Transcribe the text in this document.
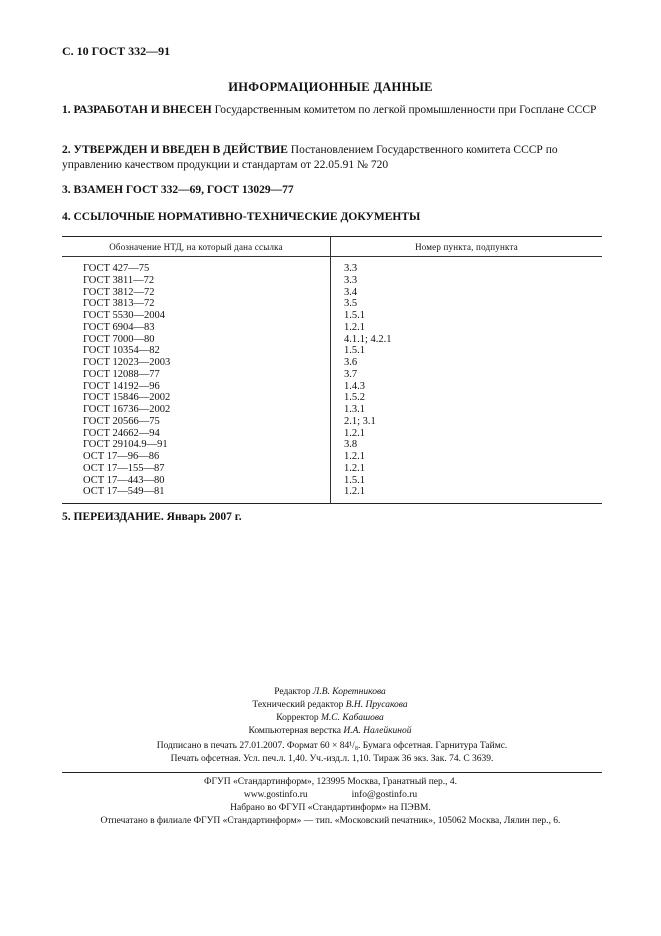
С. 10 ГОСТ 332—91
ИНФОРМАЦИОННЫЕ ДАННЫЕ
1. РАЗРАБОТАН И ВНЕСЕН Государственным комитетом по легкой промышленности при Госплане СССР
2. УТВЕРЖДЕН И ВВЕДЕН В ДЕЙСТВИЕ Постановлением Государственного комитета СССР по управлению качеством продукции и стандартам от 22.05.91 № 720
3. ВЗАМЕН ГОСТ 332—69, ГОСТ 13029—77
4. ССЫЛОЧНЫЕ НОРМАТИВНО-ТЕХНИЧЕСКИЕ ДОКУМЕНТЫ
Обозначение НТД, на который дана ссылка	Номер пункта, подпункта
ГОСТ 427—75	3.3
ГОСТ 3811—72	3.3
ГОСТ 3812—72	3.4
ГОСТ 3813—72	3.5
ГОСТ 5530—2004	1.5.1
ГОСТ 6904—83	1.2.1
ГОСТ 7000—80	4.1.1; 4.2.1
ГОСТ 10354—82	1.5.1
ГОСТ 12023—2003	3.6
ГОСТ 12088—77	3.7
ГОСТ 14192—96	1.4.3
ГОСТ 15846—2002	1.5.2
ГОСТ 16736—2002	1.3.1
ГОСТ 20566—75	2.1; 3.1
ГОСТ 24662—94	1.2.1
ГОСТ 29104.9—91	3.8
ОСТ 17—96—86	1.2.1
ОСТ 17—155—87	1.2.1
ОСТ 17—443—80	1.5.1
ОСТ 17—549—81	1.2.1
5. ПЕРЕИЗДАНИЕ. Январь 2007 г.
Редактор Л.В. Коретникова
Технический редактор В.Н. Прусакова
Корректор М.С. Кабашова
Компьютерная верстка И.А. Налейкиной
Подписано в печать 27.01.2007. Формат 60 × 84¹/₈. Бумага офсетная. Гарнитура Таймс.
Печать офсетная. Усл. печ.л. 1,40. Уч.-изд.л. 1,10. Тираж 36 экз. Зак. 74. С 3639.
ФГУП «Стандартинформ», 123995 Москва, Гранатный пер., 4.
www.gostinfo.ru	info@gostinfo.ru
Набрано во ФГУП «Стандартинформ» на ПЭВМ.
Отпечатано в филиале ФГУП «Стандартинформ» — тип. «Московский печатник», 105062 Москва, Лялин пер., 6.
